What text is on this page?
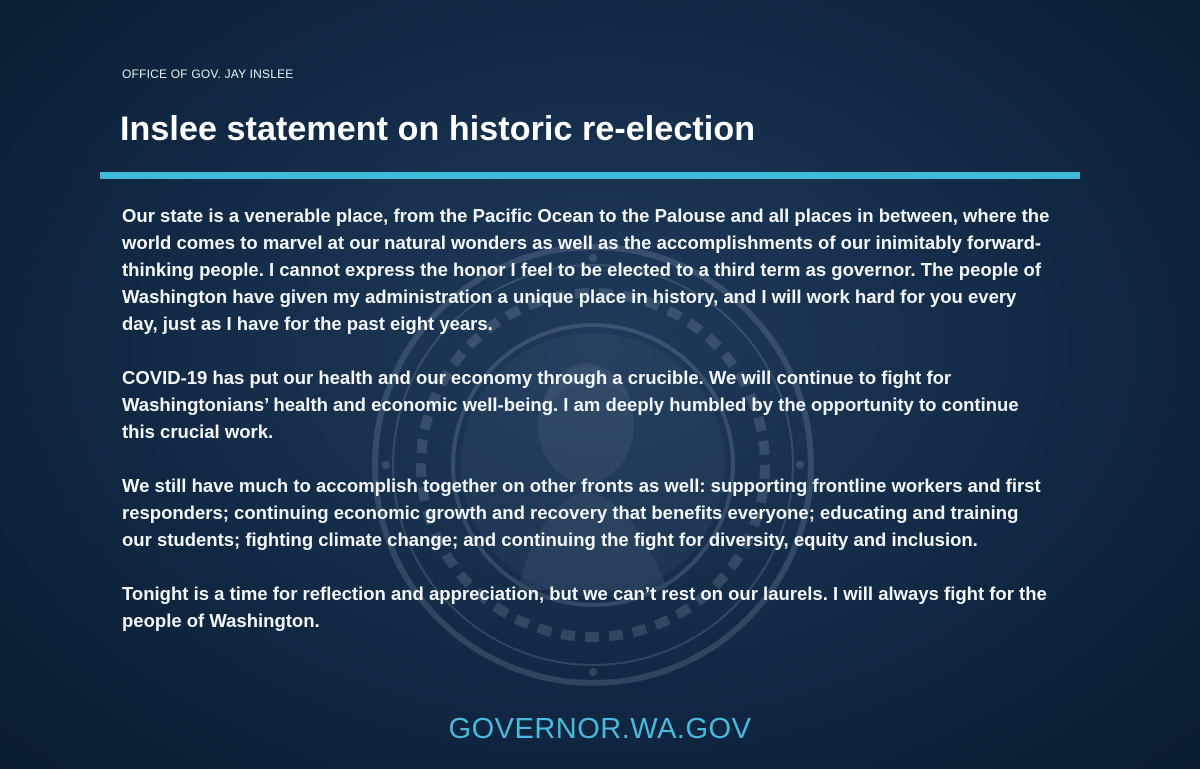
OFFICE OF GOV. JAY INSLEE
Inslee statement on historic re-election

Our state is a venerable place, from the Pacific Ocean to the Palouse and all places in between, where the world comes to marvel at our natural wonders as well as the accomplishments of our inimitably forward-thinking people. I cannot express the honor I feel to be elected to a third term as governor. The people of Washington have given my administration a unique place in history, and I will work hard for you every day, just as I have for the past eight years.

COVID-19 has put our health and our economy through a crucible. We will continue to fight for Washingtonians’ health and economic well-being. I am deeply humbled by the opportunity to continue this crucial work.

We still have much to accomplish together on other fronts as well: supporting frontline workers and first responders; continuing economic growth and recovery that benefits everyone; educating and training our students; fighting climate change; and continuing the fight for diversity, equity and inclusion.

Tonight is a time for reflection and appreciation, but we can’t rest on our laurels. I will always fight for the people of Washington.

GOVERNOR.WA.GOV
